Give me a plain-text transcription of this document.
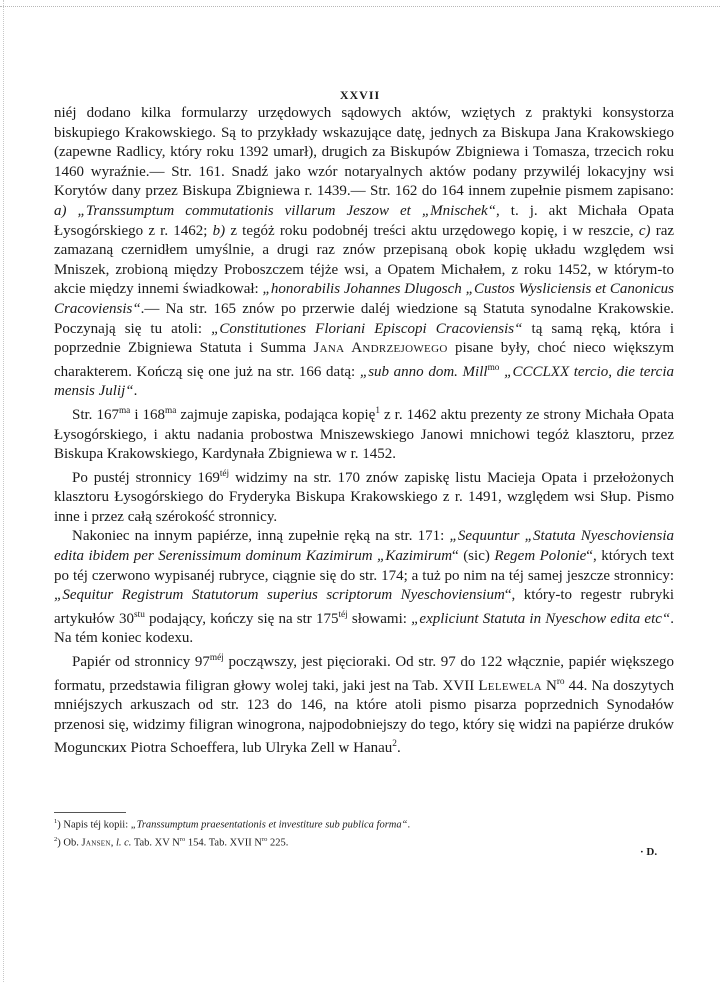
XXVII

niéj dodano kilka formularzy urzędowych sądowych aktów, wziętych z praktyki konsystorza biskupiego Krakowskiego. Są to przykłady wskazujące datę, jednych za Biskupa Jana Krakowskiego (zapewne Radlicy, który roku 1392 umarł), drugich za Biskupów Zbigniewa i Tomasza, trzecich roku 1460 wyraźnie.— Str. 161. Snadź jako wzór notaryalnych aktów podany przywiléj lokacyjny wsi Korytów dany przez Biskupa Zbigniewa r. 1439.— Str. 162 do 164 innem zupełnie pismem zapisano: a) „Transsumptum commutationis villarum Jeszow et „Mnischek“, t. j. akt Michała Opata Łysogórskiego z r. 1462; b) z tegóż roku podobnéj treści aktu urzędowego kopię, i w reszcie, c) raz zamazaną czernidłem umyślnie, a drugi raz znów przepisaną obok kopię układu względem wsi Mniszek, zrobioną między Proboszczem téjże wsi, a Opatem Michałem, z roku 1452, w którym-to akcie między innemi świadkował: „honorabilis Johannes Dlugosch „Custos Wysliciensis et Canonicus Cracoviensis“.— Na str. 165 znów po przerwie daléj wiedzione są Statuta synodalne Krakowskie. Poczynają się tu atoli: „Constitutiones Floriani Episcopi Cracoviensis“ tą samą ręką, która i poprzednie Zbigniewa Statuta i Summa Jana Andrzejowego pisane były, choć nieco większym charakterem. Kończą się one już na str. 166 datą: „sub anno dom. Mill$^{mo}$ „CCCLXX tercio, die tercia mensis Julij“.

Str. $167^{ma}$ i $168^{ma}$ zajmuje zapiska, podająca kopię$^1$ z r. 1462 aktu prezenty ze strony Michała Opata Łysogórskiego, i aktu nadania probostwa Mniszewskiego Janowi mnichowi tegóż klasztoru, przez Biskupa Krakowskiego, Kardynała Zbigniewa w r. 1452.

Po pustéj stronnicy $169^{téj}$ widzimy na str. 170 znów zapiskę listu Macieja Opata i przełożonych klasztoru Łysogórskiego do Fryderyka Biskupa Krakowskiego z r. 1491, względem wsi Słup. Pismo inne i przez całą szérokość stronnicy.

Nakoniec na innym papiérze, inną zupełnie ręką na str. 171: „Sequuntur „Statuta Nyeschoviensia edita ibidem per Serenissimum dominum Kazimirum „Kazimirum“ (sic) Regem Polonie“, których text po téj czerwono wypisanéj rubryce, ciągnie się do str. 174; a tuż po nim na téj samej jeszcze stronnicy: „Sequitur Registrum Statutorum superius scriptorum Nyeschoviensium“, który-to regestr rubryki artykułów $30^{stu}$ podający, kończy się na str $175^{téj}$ słowami: „expliciunt Statuta in Nyeschow edita etc“. Na tém koniec kodexu.

Papiér od stronnicy $97^{méj}$ począwszy, jest pięcioraki. Od str. 97 do 122 włącznie, papiér większego formatu, przedstawia filigran głowy wolej taki, jaki jest na Tab. XVII Lelewela $N^{ro}$ 44. Na doszytych mniéjszych arkuszach od str. 123 do 146, na które atoli pismo pisarza poprzednich Synodałów przenosi się, widzimy filigran winogrona, najpodobniejszy do tego, który się widzi na papiérze druków Moguncких Piotra Schoeffera, lub Ulryka Zell w Hanau$^2$.

$^1$) Napis téj kopii: „Transsumptum praesentationis et investiture sub publica forma“.
$^2$) Ob. Jansen, l. c. Tab. XV $N^{ro}$ 154. Tab. XVII $N^{ro}$ 225.
· D.
